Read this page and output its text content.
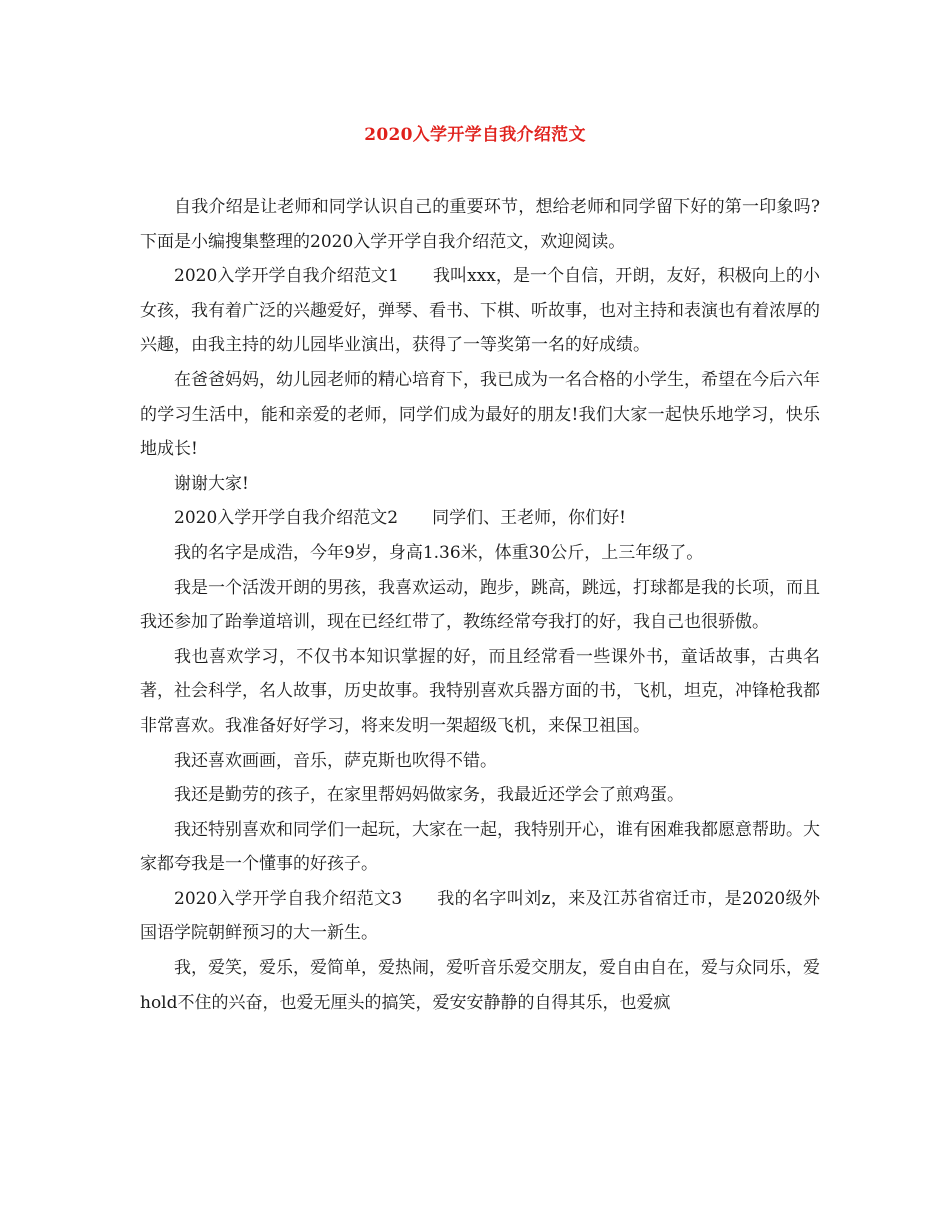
2020入学开学自我介绍范文

自我介绍是让老师和同学认识自己的重要环节，想给老师和同学留下好的第一印象吗?下面是小编搜集整理的2020入学开学自我介绍范文，欢迎阅读。

2020入学开学自我介绍范文1　　我叫xxx，是一个自信，开朗，友好，积极向上的小女孩，我有着广泛的兴趣爱好，弹琴、看书、下棋、听故事，也对主持和表演也有着浓厚的兴趣，由我主持的幼儿园毕业演出，获得了一等奖第一名的好成绩。

在爸爸妈妈，幼儿园老师的精心培育下，我已成为一名合格的小学生，希望在今后六年的学习生活中，能和亲爱的老师，同学们成为最好的朋友!我们大家一起快乐地学习，快乐地成长!

谢谢大家!

2020入学开学自我介绍范文2　　同学们、王老师，你们好!

我的名字是成浩，今年9岁，身高1.36米，体重30公斤，上三年级了。

我是一个活泼开朗的男孩，我喜欢运动，跑步，跳高，跳远，打球都是我的长项，而且我还参加了跆拳道培训，现在已经红带了，教练经常夸我打的好，我自己也很骄傲。

我也喜欢学习，不仅书本知识掌握的好，而且经常看一些课外书，童话故事，古典名著，社会科学，名人故事，历史故事。我特别喜欢兵器方面的书，飞机，坦克，冲锋枪我都非常喜欢。我准备好好学习，将来发明一架超级飞机，来保卫祖国。

我还喜欢画画，音乐，萨克斯也吹得不错。

我还是勤劳的孩子，在家里帮妈妈做家务，我最近还学会了煎鸡蛋。

我还特别喜欢和同学们一起玩，大家在一起，我特别开心，谁有困难我都愿意帮助。大家都夸我是一个懂事的好孩子。

2020入学开学自我介绍范文3　　我的名字叫刘z，来及江苏省宿迁市，是2020级外国语学院朝鲜预习的大一新生。

我，爱笑，爱乐，爱简单，爱热闹，爱听音乐爱交朋友，爱自由自在，爱与众同乐，爱hold不住的兴奋，也爱无厘头的搞笑，爱安安静静的自得其乐，也爱疯
